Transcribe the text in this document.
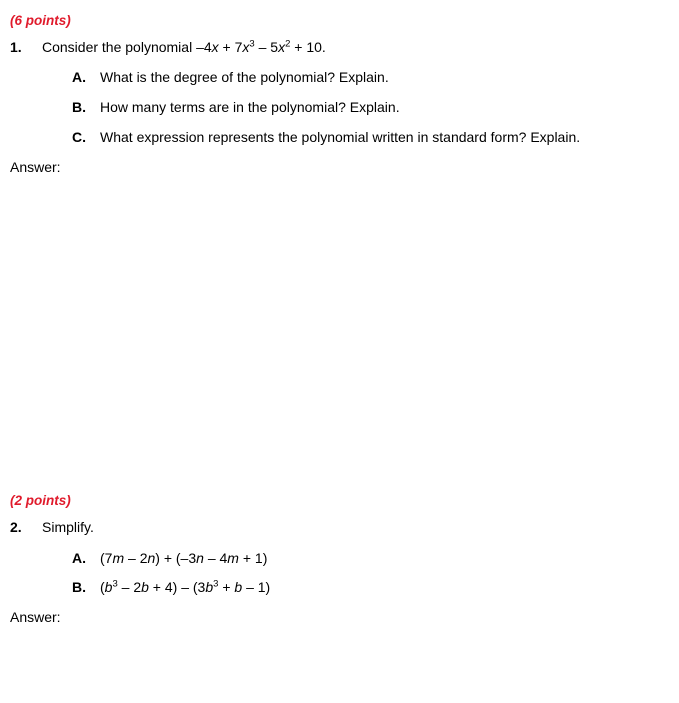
(6 points)
1.	Consider the polynomial $-4x + 7x^3 - 5x^2 + 10$.
A.	What is the degree of the polynomial? Explain.
B.	How many terms are in the polynomial? Explain.
C.	What expression represents the polynomial written in standard form? Explain.
Answer:
(2 points)
2.	Simplify.
A.	(7m – 2n) + (–3n – 4m + 1)
B.	$(b^3 - 2b + 4) - (3b^3 + b - 1)$
Answer:
